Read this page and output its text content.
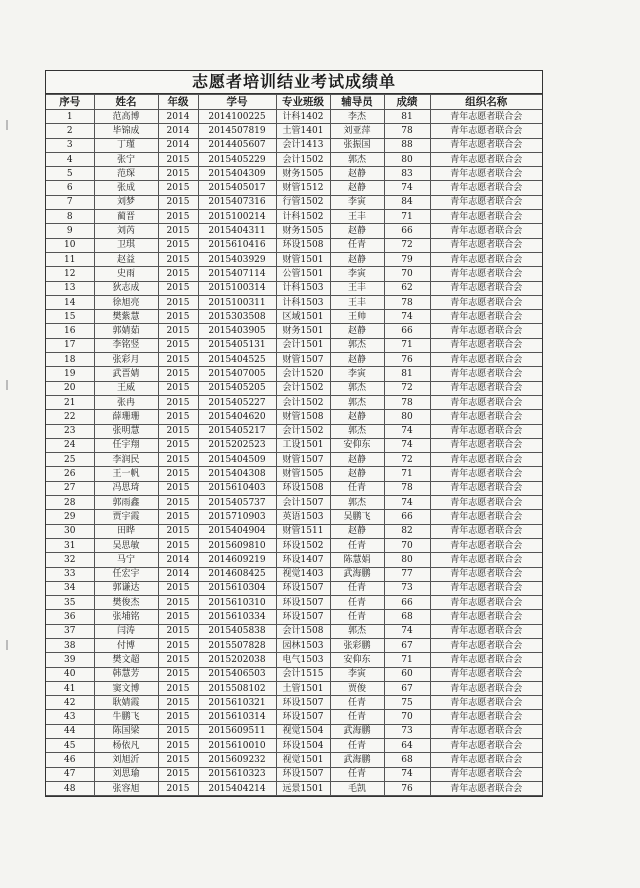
志愿者培训结业考试成绩单
序号	姓名	年级	学号	专业班级	辅导员	成绩	组织名称
1	范高博	2014	2014100225	计科1402	李杰	81	青年志愿者联合会
2	毕锦成	2014	2014507819	土管1401	刘亚萍	78	青年志愿者联合会
3	丁瑾	2014	2014405607	会计1413	张振国	88	青年志愿者联合会
4	张宁	2015	2015405229	会计1502	郭杰	80	青年志愿者联合会
5	范琛	2015	2015404309	财务1505	赵静	83	青年志愿者联合会
6	张成	2015	2015405017	财管1512	赵静	74	青年志愿者联合会
7	刘梦	2015	2015407316	行管1502	李寅	84	青年志愿者联合会
8	蔺晋	2015	2015100214	计科1502	王丰	71	青年志愿者联合会
9	刘芮	2015	2015404311	财务1505	赵静	66	青年志愿者联合会
10	卫琪	2015	2015610416	环设1508	任青	72	青年志愿者联合会
11	赵益	2015	2015403929	财管1501	赵静	79	青年志愿者联合会
12	史雨	2015	2015407114	公管1501	李寅	70	青年志愿者联合会
13	狄志成	2015	2015100314	计科1503	王丰	62	青年志愿者联合会
14	徐旭亮	2015	2015100311	计科1503	王丰	78	青年志愿者联合会
15	樊紫慧	2015	2015303508	区域1501	王帅	74	青年志愿者联合会
16	郭婧茹	2015	2015403905	财务1501	赵静	66	青年志愿者联合会
17	李铭竖	2015	2015405131	会计1501	郭杰	71	青年志愿者联合会
18	张彩月	2015	2015404525	财管1507	赵静	76	青年志愿者联合会
19	武晋婧	2015	2015407005	会计1520	李寅	81	青年志愿者联合会
20	王威	2015	2015405205	会计1502	郭杰	72	青年志愿者联合会
21	张冉	2015	2015405227	会计1502	郭杰	78	青年志愿者联合会
22	薛珊珊	2015	2015404620	财管1508	赵静	80	青年志愿者联合会
23	张明慧	2015	2015405217	会计1502	郭杰	74	青年志愿者联合会
24	任宇翔	2015	2015202523	工设1501	安仰东	74	青年志愿者联合会
25	李润民	2015	2015404509	财管1507	赵静	72	青年志愿者联合会
26	王一帆	2015	2015404308	财管1505	赵静	71	青年志愿者联合会
27	冯思琦	2015	2015610403	环设1508	任青	78	青年志愿者联合会
28	郭雨鑫	2015	2015405737	会计1507	郭杰	74	青年志愿者联合会
29	贾宇霞	2015	2015710903	英语1503	吴鹏飞	66	青年志愿者联合会
30	田晔	2015	2015404904	财管1511	赵静	82	青年志愿者联合会
31	吴思敏	2015	2015609810	环设1502	任青	70	青年志愿者联合会
32	马宁	2014	2014609219	环设1407	陈慧娟	80	青年志愿者联合会
33	任宏宇	2014	2014608425	视觉1403	武海鹏	77	青年志愿者联合会
34	郭谦达	2015	2015610304	环设1507	任青	73	青年志愿者联合会
35	樊俊杰	2015	2015610310	环设1507	任青	66	青年志愿者联合会
36	张埔铭	2015	2015610334	环设1507	任青	68	青年志愿者联合会
37	闫涛	2015	2015405838	会计1508	郭杰	74	青年志愿者联合会
38	付博	2015	2015507828	园林1503	张彩鹏	67	青年志愿者联合会
39	樊文超	2015	2015202038	电气1503	安仰东	71	青年志愿者联合会
40	韩慧芳	2015	2015406503	会计1515	李寅	60	青年志愿者联合会
41	窦文博	2015	2015508102	土管1501	贾俊	67	青年志愿者联合会
42	耿婧霞	2015	2015610321	环设1507	任青	75	青年志愿者联合会
43	牛鹏飞	2015	2015610314	环设1507	任青	70	青年志愿者联合会
44	陈国梁	2015	2015609511	视觉1504	武海鹏	73	青年志愿者联合会
45	杨依凡	2015	2015610010	环设1504	任青	64	青年志愿者联合会
46	刘旭沂	2015	2015609232	视觉1501	武海鹏	68	青年志愿者联合会
47	刘思瑜	2015	2015610323	环设1507	任青	74	青年志愿者联合会
48	张容旭	2015	2015404214	远景1501	毛凯	76	青年志愿者联合会
